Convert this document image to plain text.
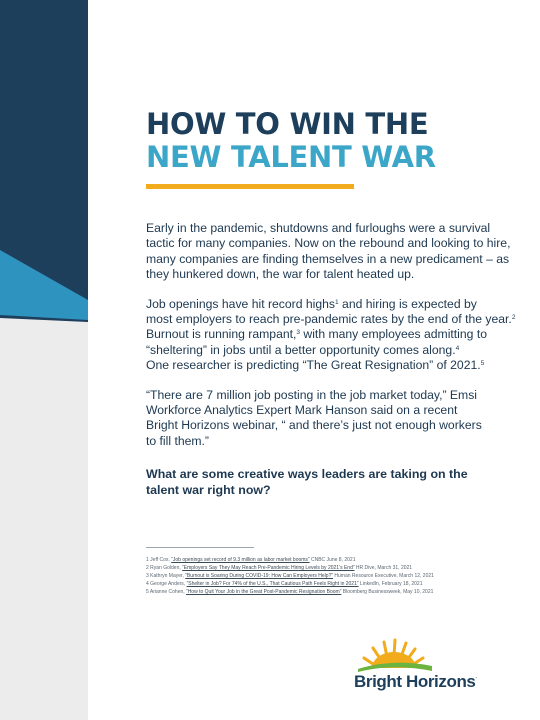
HOW TO WIN THE
NEW TALENT WAR

Early in the pandemic, shutdowns and furloughs were a survival
tactic for many companies. Now on the rebound and looking to hire,
many companies are finding themselves in a new predicament – as
they hunkered down, the war for talent heated up.

Job openings have hit record highs$^1$ and hiring is expected by
most employers to reach pre-pandemic rates by the end of the year.$^2$
Burnout is running rampant,$^3$ with many employees admitting to
“sheltering” in jobs until a better opportunity comes along.$^4$
One researcher is predicting “The Great Resignation” of 2021.$^5$

“There are 7 million job posting in the job market today,” Emsi
Workforce Analytics Expert Mark Hanson said on a recent
Bright Horizons webinar, “ and there’s just not enough workers
to fill them.”

What are some creative ways leaders are taking on the
talent war right now?

1 Jeff Cox, “Job openings set record of 9.3 million as labor market booms” CNBC June 8, 2021
2 Ryan Golden, “Employers Say They May Reach Pre-Pandemic Hiring Levels by 2021’s End” HR Dive, March 31, 2021
3 Kathryn Mayer, “Burnout is Soaring During COVID-19: How Can Employers Help?” Human Resource Executive, March 12, 2021
4 George Anders, “Shelter in Job? For 74% of the U.S., That Cautious Path Feels Right in 2021” LinkedIn, February 18, 2021
5 Arianne Cohen, “How to Quit Your Job in the Great Post-Pandemic Resignation Boom” Bloomberg Businessweek, May 10, 2021
Bright Horizons.
